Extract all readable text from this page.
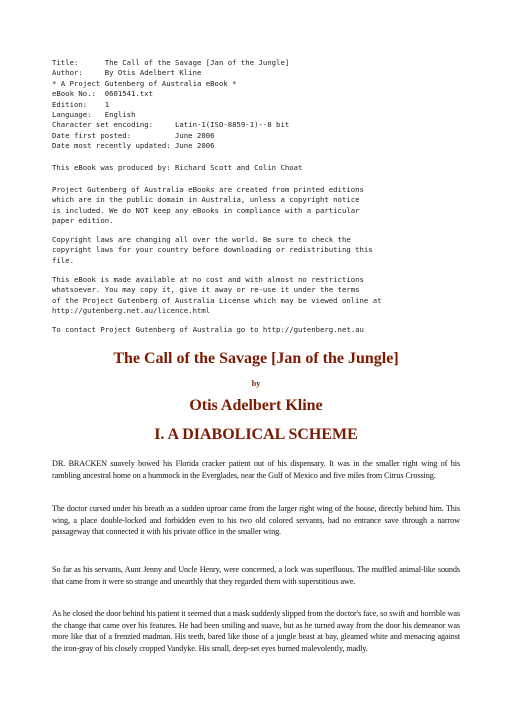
Title:      The Call of the Savage [Jan of the Jungle]
Author:     By Otis Adelbert Kline
* A Project Gutenberg of Australia eBook *
eBook No.:  0601541.txt
Edition:    1
Language:   English
Character set encoding:     Latin-1(ISO-8859-1)--8 bit
Date first posted:          June 2006
Date most recently updated: June 2006
This eBook was produced by: Richard Scott and Colin Choat
Project Gutenberg of Australia eBooks are created from printed editions
which are in the public domain in Australia, unless a copyright notice
is included. We do NOT keep any eBooks in compliance with a particular
paper edition.
Copyright laws are changing all over the world. Be sure to check the
copyright laws for your country before downloading or redistributing this
file.
This eBook is made available at no cost and with almost no restrictions
whatsoever. You may copy it, give it away or re-use it under the terms
of the Project Gutenberg of Australia License which may be viewed online at
http://gutenberg.net.au/licence.html
To contact Project Gutenberg of Australia go to http://gutenberg.net.au
The Call of the Savage [Jan of the Jungle]
by
Otis Adelbert Kline
I. A DIABOLICAL SCHEME

DR. BRACKEN suavely bowed his Florida cracker patient out of his dispensary. It was in the smaller right wing of his rambling ancestral home on a hummock in the Everglades, near the Gulf of Mexico and five miles from Citrus Crossing.

The doctor cursed under his breath as a sudden uproar came from the larger right wing of the house, directly behind him. This wing, a place double-locked and forbidden even to his two old colored servants, had no entrance save through a narrow passageway that connected it with his private office in the smaller wing.

So far as his servants, Aunt Jenny and Uncle Henry, were concerned, a lock was superfluous. The muffled animal-like sounds that came from it were so strange and unearthly that they regarded them with superstitious awe.

As he closed the door behind his patient it seemed that a mask suddenly slipped from the doctor's face, so swift and horrible was the change that came over his features. He had been smiling and suave, but as he turned away from the door his demeanor was more like that of a frenzied madman. His teeth, bared like those of a jungle beast at bay, gleamed white and menacing against the iron-gray of his closely cropped Vandyke. His small, deep-set eyes burned malevolently, madly.
